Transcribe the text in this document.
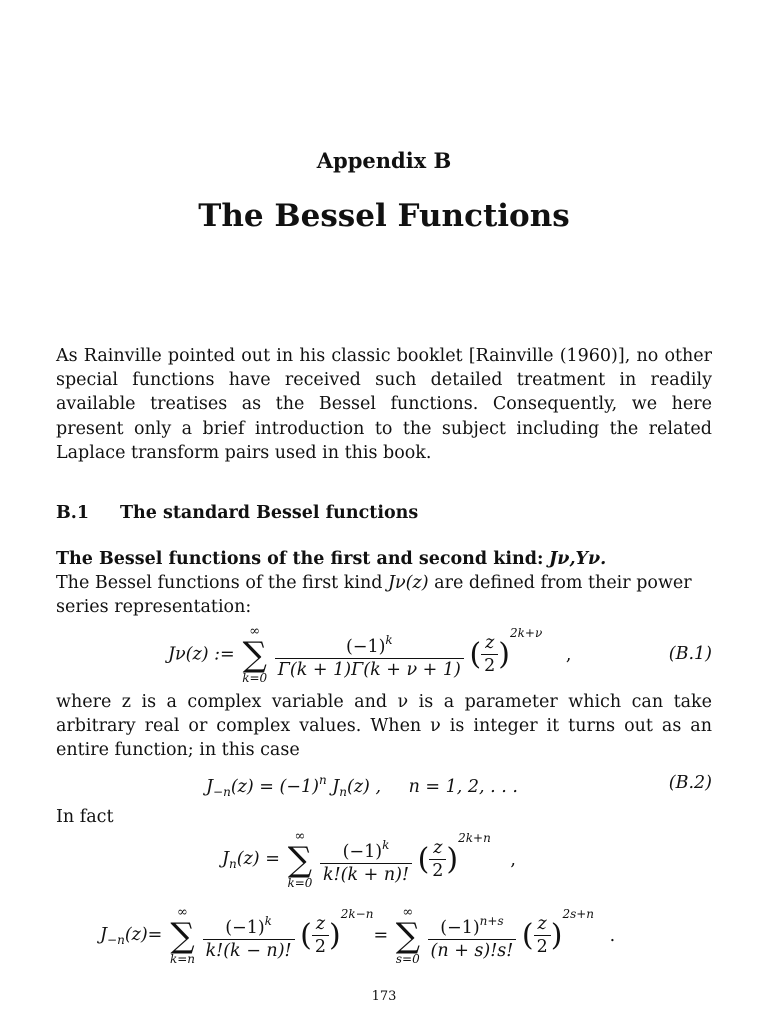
Appendix B
The Bessel Functions
As Rainville pointed out in his classic booklet [Rainville (1960)], no other special functions have received such detailed treatment in readily available treatises as the Bessel functions. Consequently, we here present only a brief introduction to the subject including the related Laplace transform pairs used in this book.
B.1 The standard Bessel functions
The Bessel functions of the first and second kind: Jν,Yν.
The Bessel functions of the first kind Jν(z) are defined from their power series representation:
Jν(z) :=
∞
∑
k=0
$\frac{(-1)^k}{\Gamma(k + 1)\Gamma(k + \nu + 1)}$ ( $\frac{z}{2} )^{2k+\nu}$ ,	(B.1)
where z is a complex variable and ν is a parameter which can take arbitrary real or complex values. When ν is integer it turns out as an entire function; in this case
$J_{-n}(z) = (-1)^n$ $J_n(z)$ , n = 1, 2, . . .	(B.2)
In fact
$J_n(z)$ =
∞
∑
k=0
$\frac{(-1)^k}{k!(k + n)!}$ ( $\frac{z}{2} )^{2k+n}$ ,
$J_{-n}(z)=$
∞
∑
k=n
$\frac{(-1)^k}{k!(k - n)!}$ ( $\frac{z}{2} )^{2k-n}=$
∞
∑
s=0
$\frac{(-1)^{n+s}}{(n + s)!s!}$ ( $\frac{z}{2} )^{2s+n}$ .
173
